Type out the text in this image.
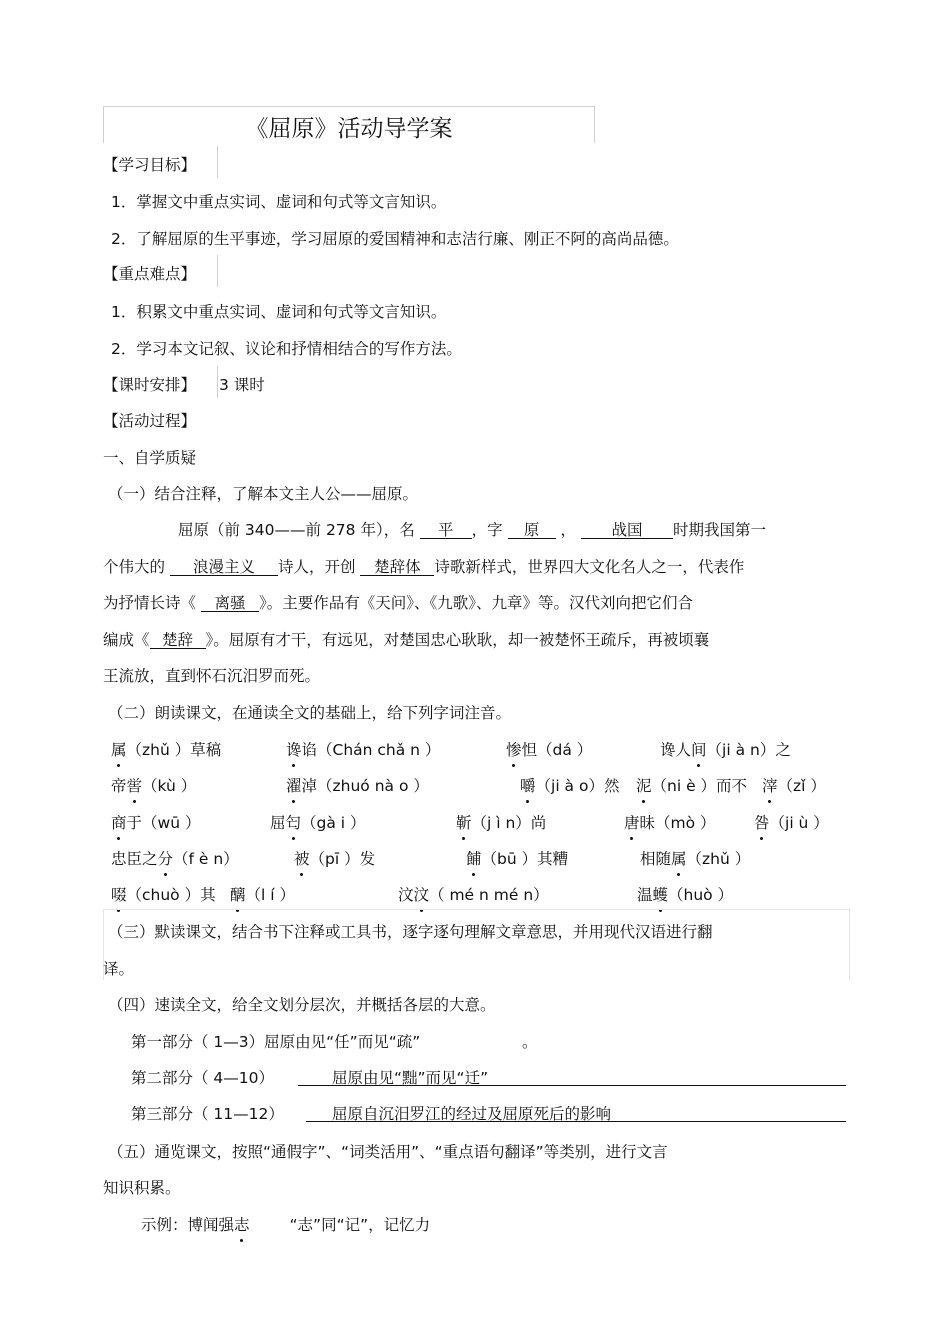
《屈原》活动导学案
【学习目标】
1．掌握文中重点实词、虚词和句式等文言知识。
2．了解屈原的生平事迹，学习屈原的爱国精神和志洁行廉、刚正不阿的高尚品德。
【重点难点】
1．积累文中重点实词、虚词和句式等文言知识。
2．学习本文记叙、议论和抒情相结合的写作方法。
【课时安排】 3 课时
【活动过程】
一、自学质疑
（一）结合注释，了解本文主人公——屈原。
屈原（前 340——前 278 年），名 平 ，字 原 ， 战国 时期我国第一
个伟大的 浪漫主义 诗人，开创 楚辞体 诗歌新样式，世界四大文化名人之一，代表作
为抒情长诗《 离骚 》。主要作品有《天问》、《九歌》、九章》等。汉代刘向把它们合
编成《 楚辞 》。屈原有才干，有远见，对楚国忠心耿耿，却一被楚怀王疏斥，再被顷襄
王流放，直到怀石沉汨罗而死。
（二）朗读课文，在通读全文的基础上，给下列字词注音。
属（zhǔ ）草稿	谗谄（Chán chǎ n ）	惨怛（dá ）	谗人间（ji à n）之
帝喾（kù ）	濯淖（zhuó nà o ）	嚼（ji à o）然 泥（ni è ）而不 滓（zǐ ）
商于（wū ）	屈匄（gà i ）	靳（j ì n）尚	唐昧（mò ） 咎（ji ù ）
忠臣之分（f è n）	被（pī ）发	餔（bū ）其糟	相随属（zhǔ ）
啜（chuò ）其 醨（l í ）	汶汶（ mé n mé n）	温蠖（huò ）
（三）默读课文，结合书下注释或工具书，逐字逐句理解文章意思，并用现代汉语进行翻
译。
（四）速读全文，给全文划分层次，并概括各层的大意。
第一部分（ 1—3）屈原由见“任”而见“疏”	。
第二部分（ 4—10）	屈原由见“黜”而见“迁”
第三部分（ 11—12）	屈原自沉汨罗江的经过及屈原死后的影响
（五）通览课文，按照“通假字”、“词类活用”、“重点语句翻译”等类别，进行文言
知识积累。
示例：博闻强志	“志”同“记”，记忆力
